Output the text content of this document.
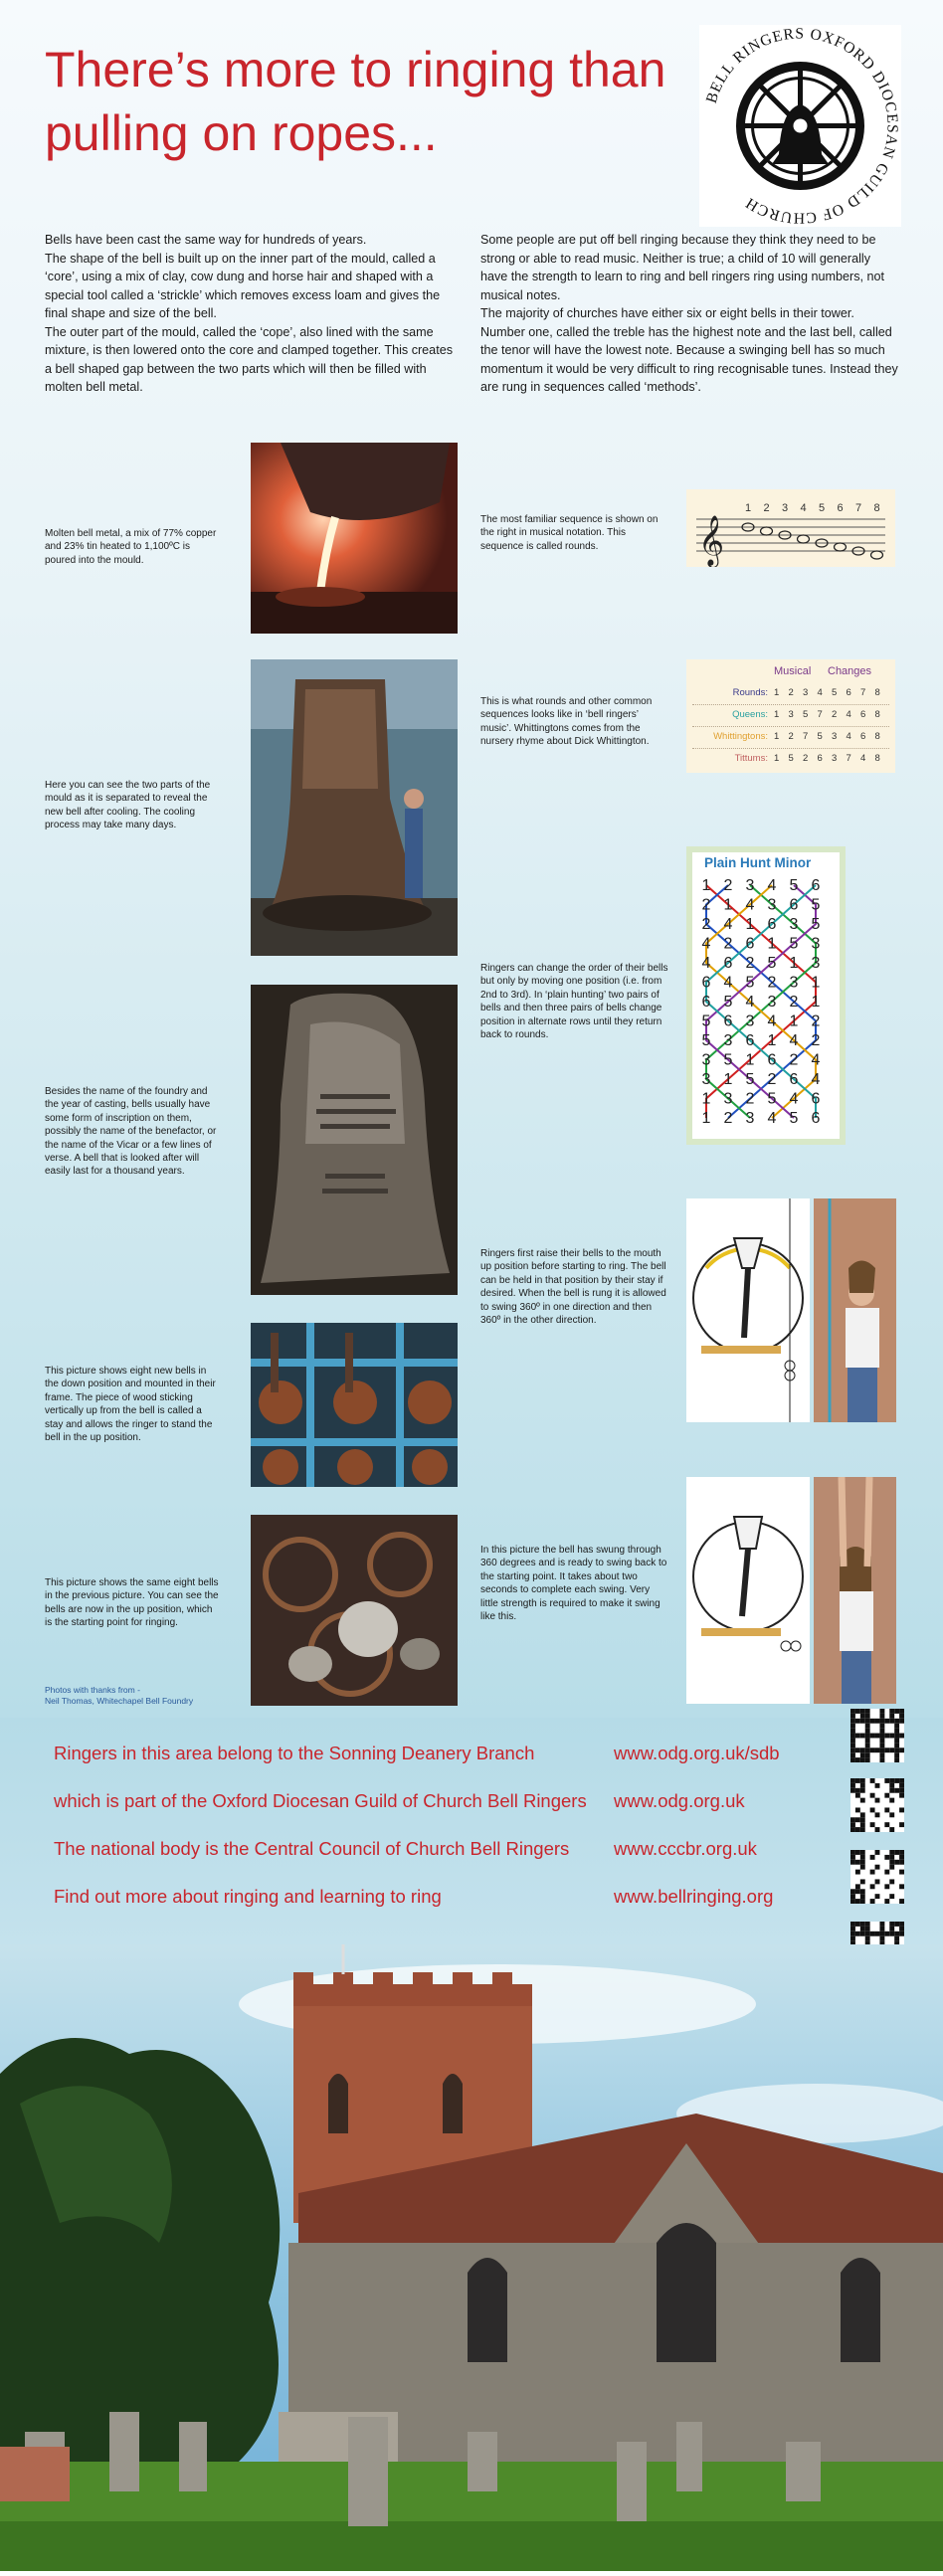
There’s more to ringing than pulling on ropes...
BELL RINGERS OXFORD DIOCESAN GUILD OF CHURCH

Bells have been cast the same way for hundreds of years.
The shape of the bell is built up on the inner part of the mould, called a ‘core’, using a mix of clay, cow dung and horse hair and shaped with a special tool called a ‘strickle’ which removes excess loam and gives the final shape and size of the bell.
The outer part of the mould, called the ‘cope’, also lined with the same mixture, is then lowered onto the core and clamped together. This creates a bell shaped gap between the two parts which will then be filled with molten bell metal.

Some people are put off bell ringing because they think they need to be strong or able to read music. Neither is true; a child of 10 will generally have the strength to learn to ring and bell ringers ring using numbers, not musical notes.
The majority of churches have either six or eight bells in their tower. Number one, called the treble has the highest note and the last bell, called the tenor will have the lowest note. Because a swinging bell has so much momentum it would be very difficult to ring recognisable tunes. Instead they are rung in sequences called ‘methods’.

Molten bell metal, a mix of 77% copper and 23% tin heated to 1,100ºC is poured into the mould.

Here you can see the two parts of the mould as it is separated to reveal the new bell after cooling. The cooling process may take many days.

Besides the name of the foundry and the year of casting, bells usually have some form of inscription on them, possibly the name of the benefactor, or the name of the Vicar or a few lines of verse. A bell that is looked after will easily last for a thousand years.

This picture shows eight new bells in the down position and mounted in their frame. The piece of wood sticking vertically up from the bell is called a stay and allows the ringer to stand the bell in the up position.

This picture shows the same eight bells in the previous picture. You can see the bells are now in the up position, which is the starting point for ringing.

The most familiar sequence is shown on the right in musical notation. This sequence is called rounds.

This is what rounds and other common sequences looks like in ‘bell ringers’ music’. Whittingtons comes from the nursery rhyme about Dick Whittington.

Ringers can change the order of their bells but only by moving one position (i.e. from 2nd to 3rd). In ‘plain hunting’ two pairs of bells and then three pairs of bells change position in alternate rows until they return back to rounds.

Ringers first raise their bells to the mouth up position before starting to ring. The bell can be held in that position by their stay if desired. When the bell is rung it is allowed to swing 360º in one direction and then 360º in the other direction.

In this picture the bell has swung through 360 degrees and is ready to swing back to the starting point. It takes about two seconds to complete each swing. Very little strength is required to make it swing like this.

𝄞
1 2 3 4 5 6 7 8
Musical Changes
Rounds: 1 2 3 4 5 6 7 8
Queens: 1 3 5 7 2 4 6 8
Whittingtons: 1 2 7 5 3 4 6 8
Tittums: 1 5 2 6 3 7 4 8
Plain Hunt Minor
1 2 3 4 5 6
2 1 4 3 6 5
2 4 1 6 3 5
4 2 6 1 5 3
4 6 2 5 1 3
6 4 5 2 3 1
6 5 4 3 2 1
5 6 3 4 1 2
5 3 6 1 4 2
3 5 1 6 2 4
3 1 5 2 6 4
1 3 2 5 4 6
1 2 3 4 5 6
Photos with thanks from -
Neil Thomas, Whitechapel Bell Foundry
Ringers in this area belong to the Sonning Deanery Branch	www.odg.org.uk/sdb
which is part of the Oxford Diocesan Guild of Church Bell Ringers www.odg.org.uk
The national body is the Central Council of Church Bell Ringers www.cccbr.org.uk
Find out more about ringing and learning to ring	www.bellringing.org
